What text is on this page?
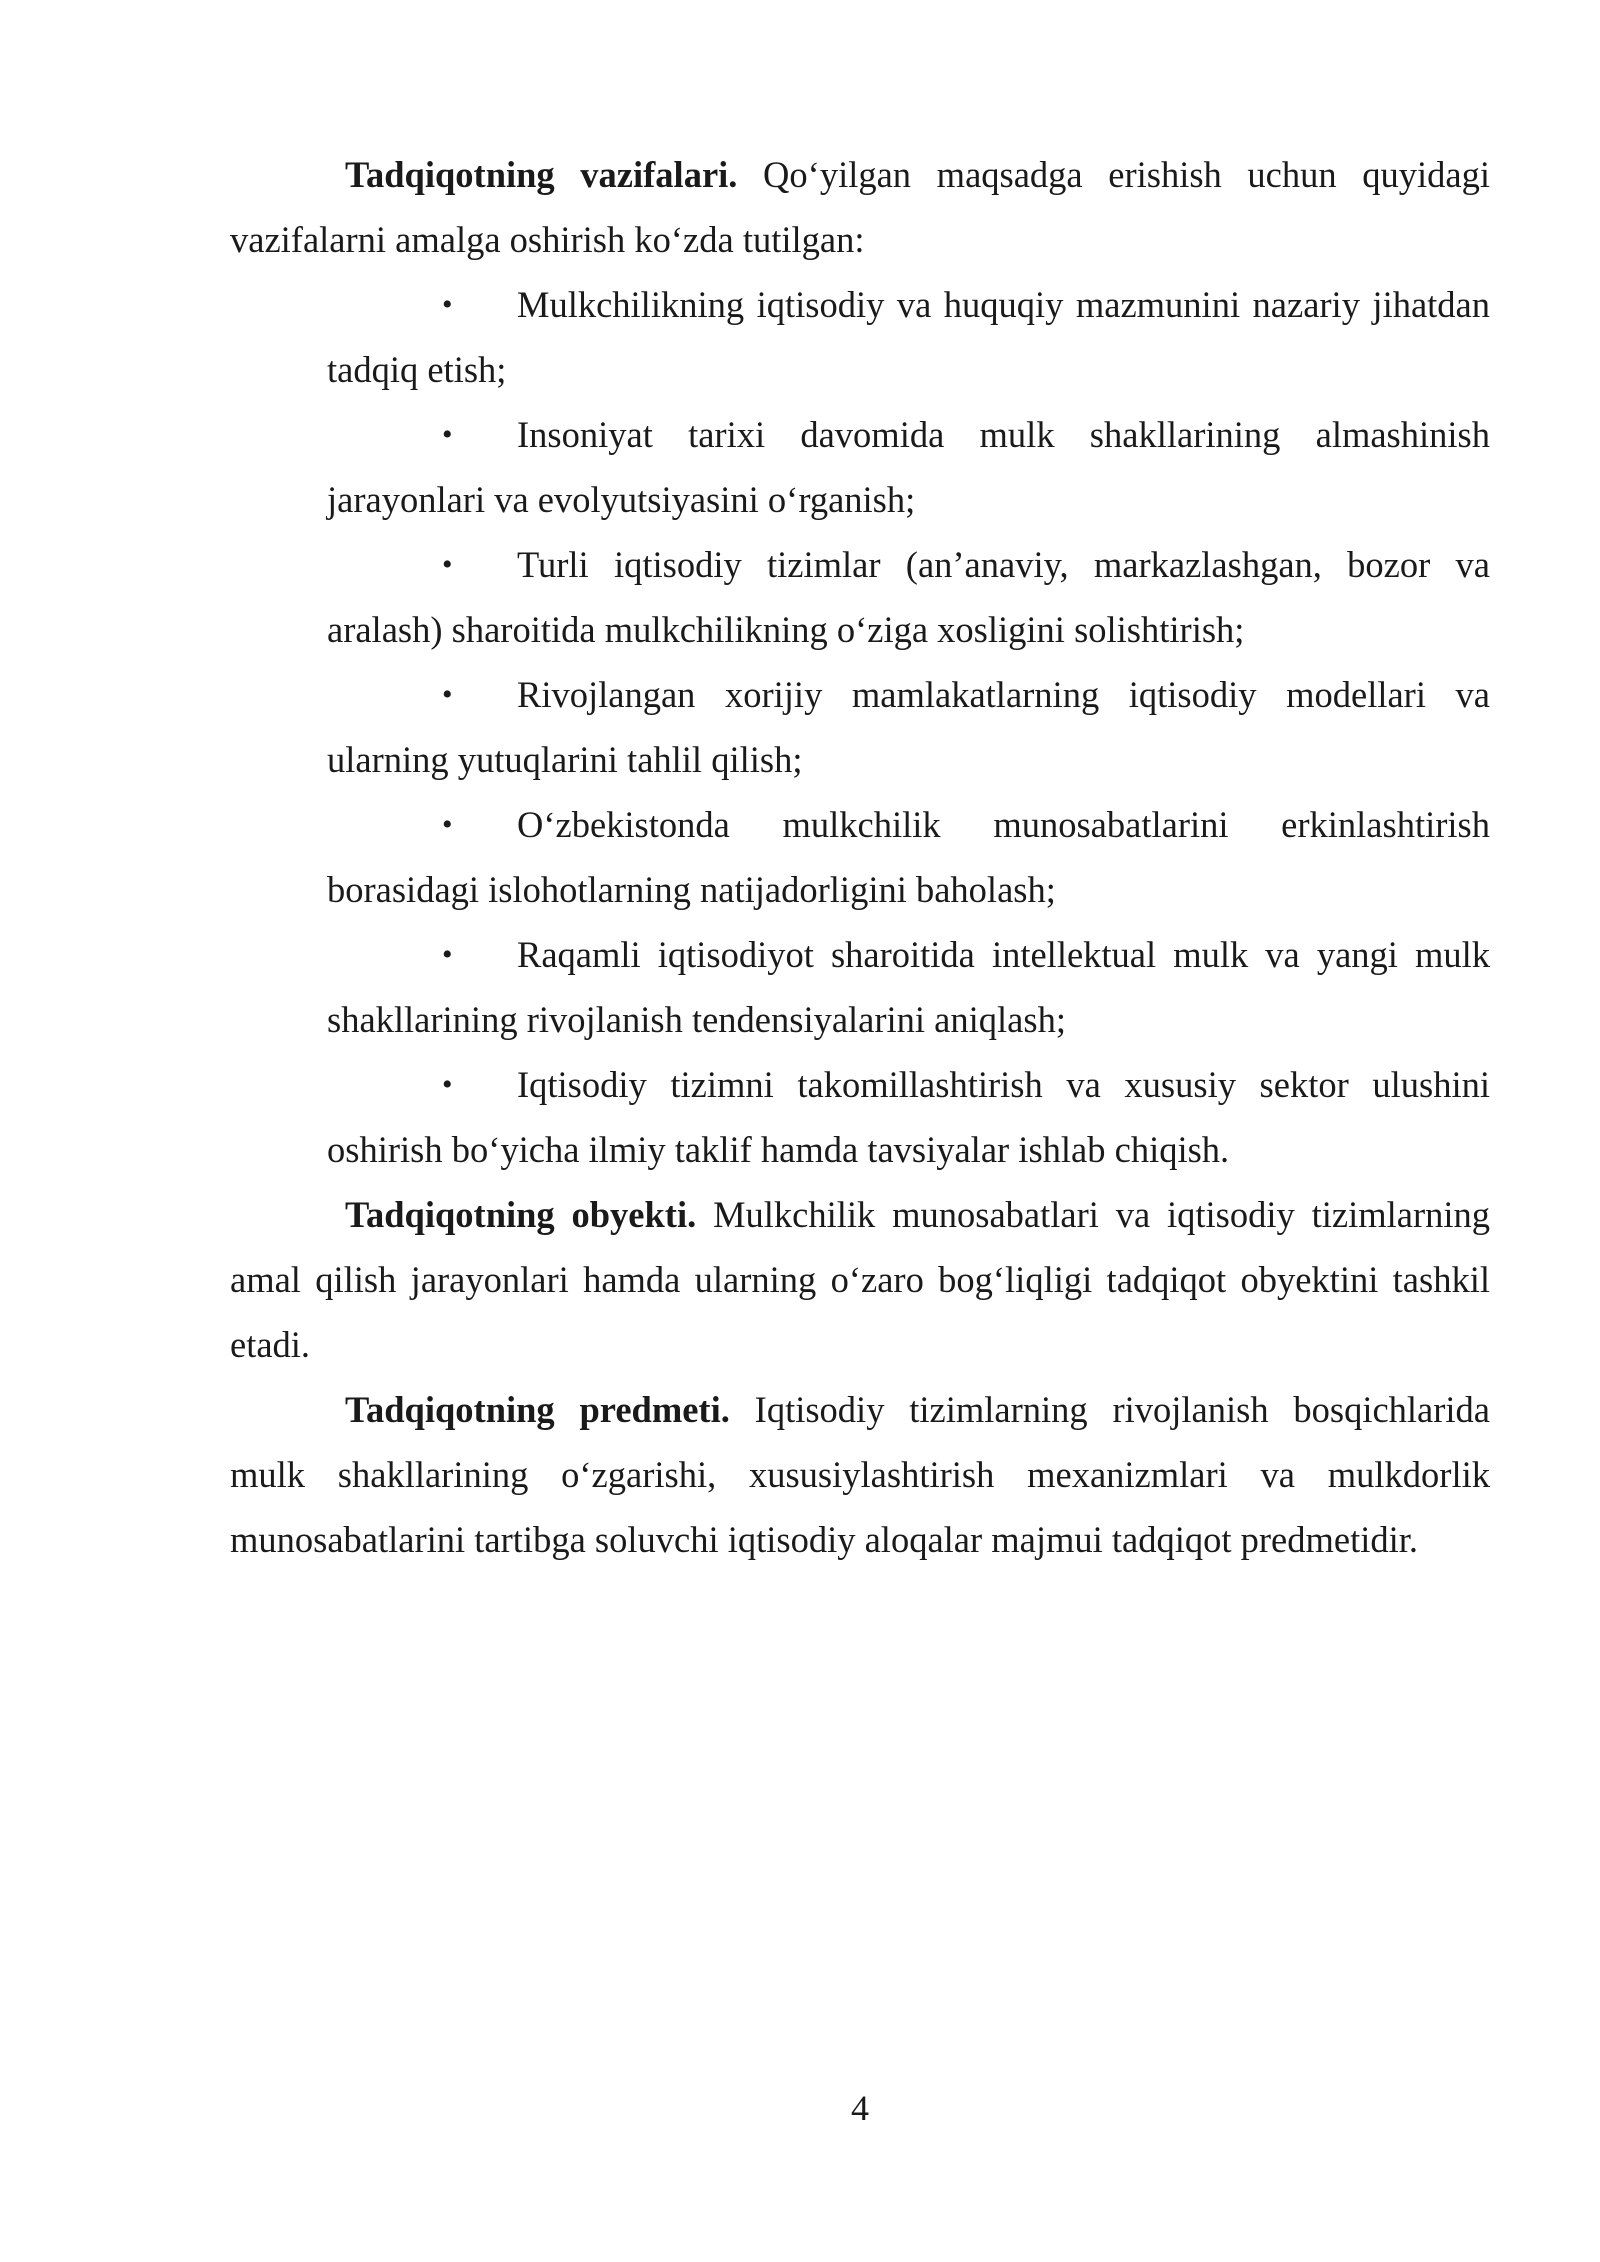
Tadqiqotning vazifalari. Qo‘yilgan maqsadga erishish uchun quyidagi vazifalarni amalga oshirish ko‘zda tutilgan:

• Mulkchilikning iqtisodiy va huquqiy mazmunini nazariy jihatdan tadqiq etish;
• Insoniyat tarixi davomida mulk shakllarining almashinish jarayonlari va evolyutsiyasini o‘rganish;
• Turli iqtisodiy tizimlar (an’anaviy, markazlashgan, bozor va aralash) sharoitida mulkchilikning o‘ziga xosligini solishtirish;
• Rivojlangan xorijiy mamlakatlarning iqtisodiy modellari va ularning yutuqlarini tahlil qilish;
• O‘zbekistonda mulkchilik munosabatlarini erkinlashtirish borasidagi islohotlarning natijadorligini baholash;
• Raqamli iqtisodiyot sharoitida intellektual mulk va yangi mulk shakllarining rivojlanish tendensiyalarini aniqlash;
• Iqtisodiy tizimni takomillashtirish va xususiy sektor ulushini oshirish bo‘yicha ilmiy taklif hamda tavsiyalar ishlab chiqish.

Tadqiqotning obyekti. Mulkchilik munosabatlari va iqtisodiy tizimlarning amal qilish jarayonlari hamda ularning o‘zaro bog‘liqligi tadqiqot obyektini tashkil etadi.

Tadqiqotning predmeti. Iqtisodiy tizimlarning rivojlanish bosqichlarida mulk shakllarining o‘zgarishi, xususiylashtirish mexanizmlari va mulkdorlik munosabatlarini tartibga soluvchi iqtisodiy aloqalar majmui tadqiqot predmetidir.

4
